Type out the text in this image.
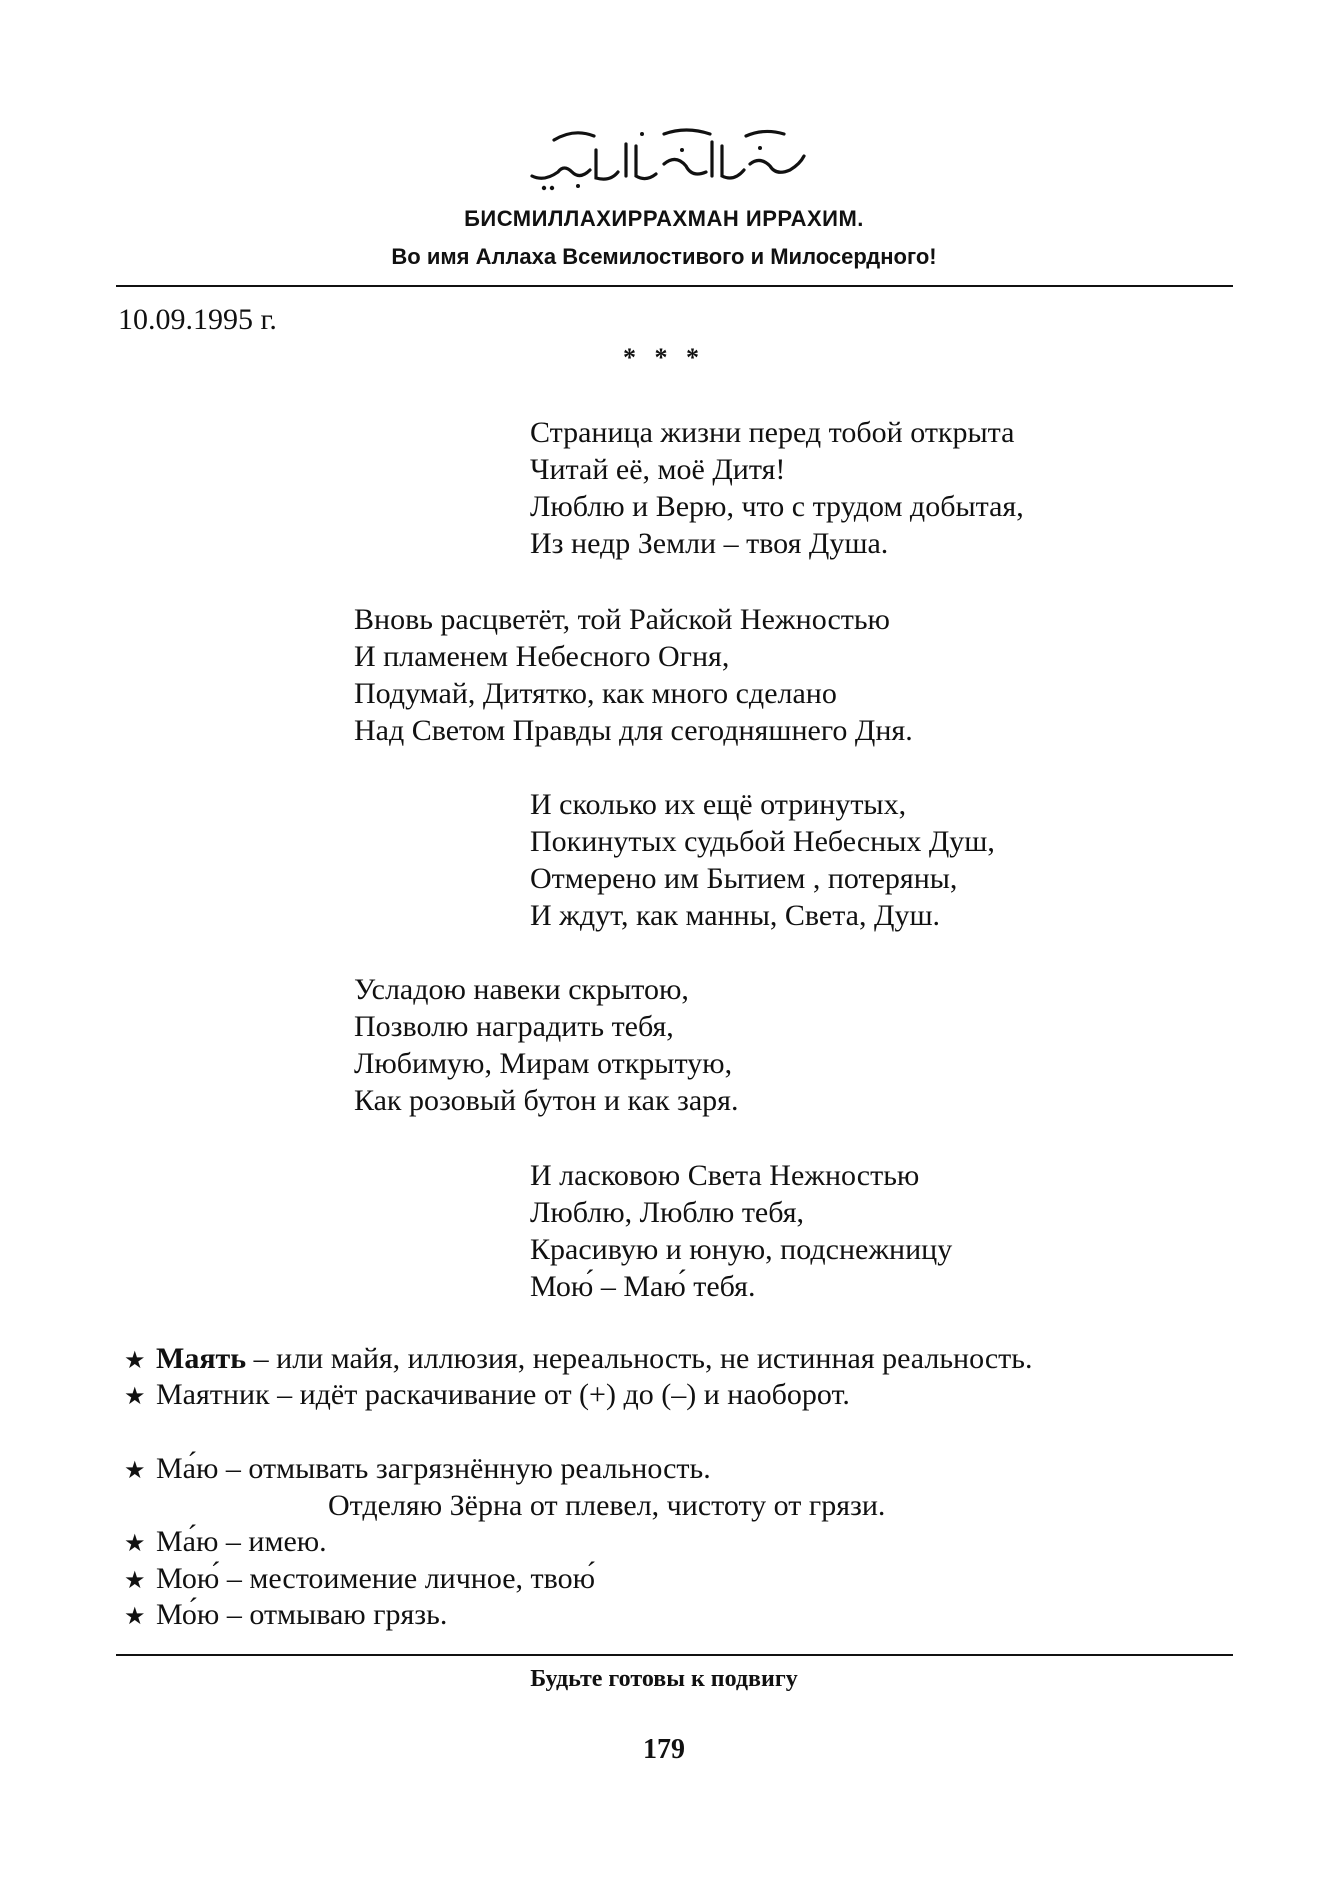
БИСМИЛЛАХИРРАХМАН ИРРАХИМ.
Во имя Аллаха Всемилостивого и Милосердного!
10.09.1995 г.
* * *
Страница жизни перед тобой открыта
Читай её, моё Дитя!
Люблю и Верю, что с трудом добытая,
Из недр Земли – твоя Душа.
Вновь расцветёт, той Райской Нежностью
И пламенем Небесного Огня,
Подумай, Дитятко, как много сделано
Над Светом Правды для сегодняшнего Дня.
И сколько их ещё отринутых,
Покинутых судьбой Небесных Душ,
Отмерено им Бытием , потеряны,
И ждут, как манны, Света, Душ.
Усладою навеки скрытою,
Позволю наградить тебя,
Любимую, Мирам открытую,
Как розовый бутон и как заря.
И ласковою Света Нежностью
Люблю, Люблю тебя,
Красивую и юную, подснежницу
Мою́ – Маю́ тебя.
★ Маять – или майя, иллюзия, нереальность, не истинная реальность.
★ Маятник – идёт раскачивание от (+) до (–) и наоборот.
★ Ма́ю – отмывать загрязнённую реальность.
Отделяю Зёрна от плевел, чистоту от грязи.
★ Ма́ю – имею.
★ Мою́ – местоимение личное, твою́
★ Мо́ю – отмываю грязь.
Будьте готовы к подвигу
179
